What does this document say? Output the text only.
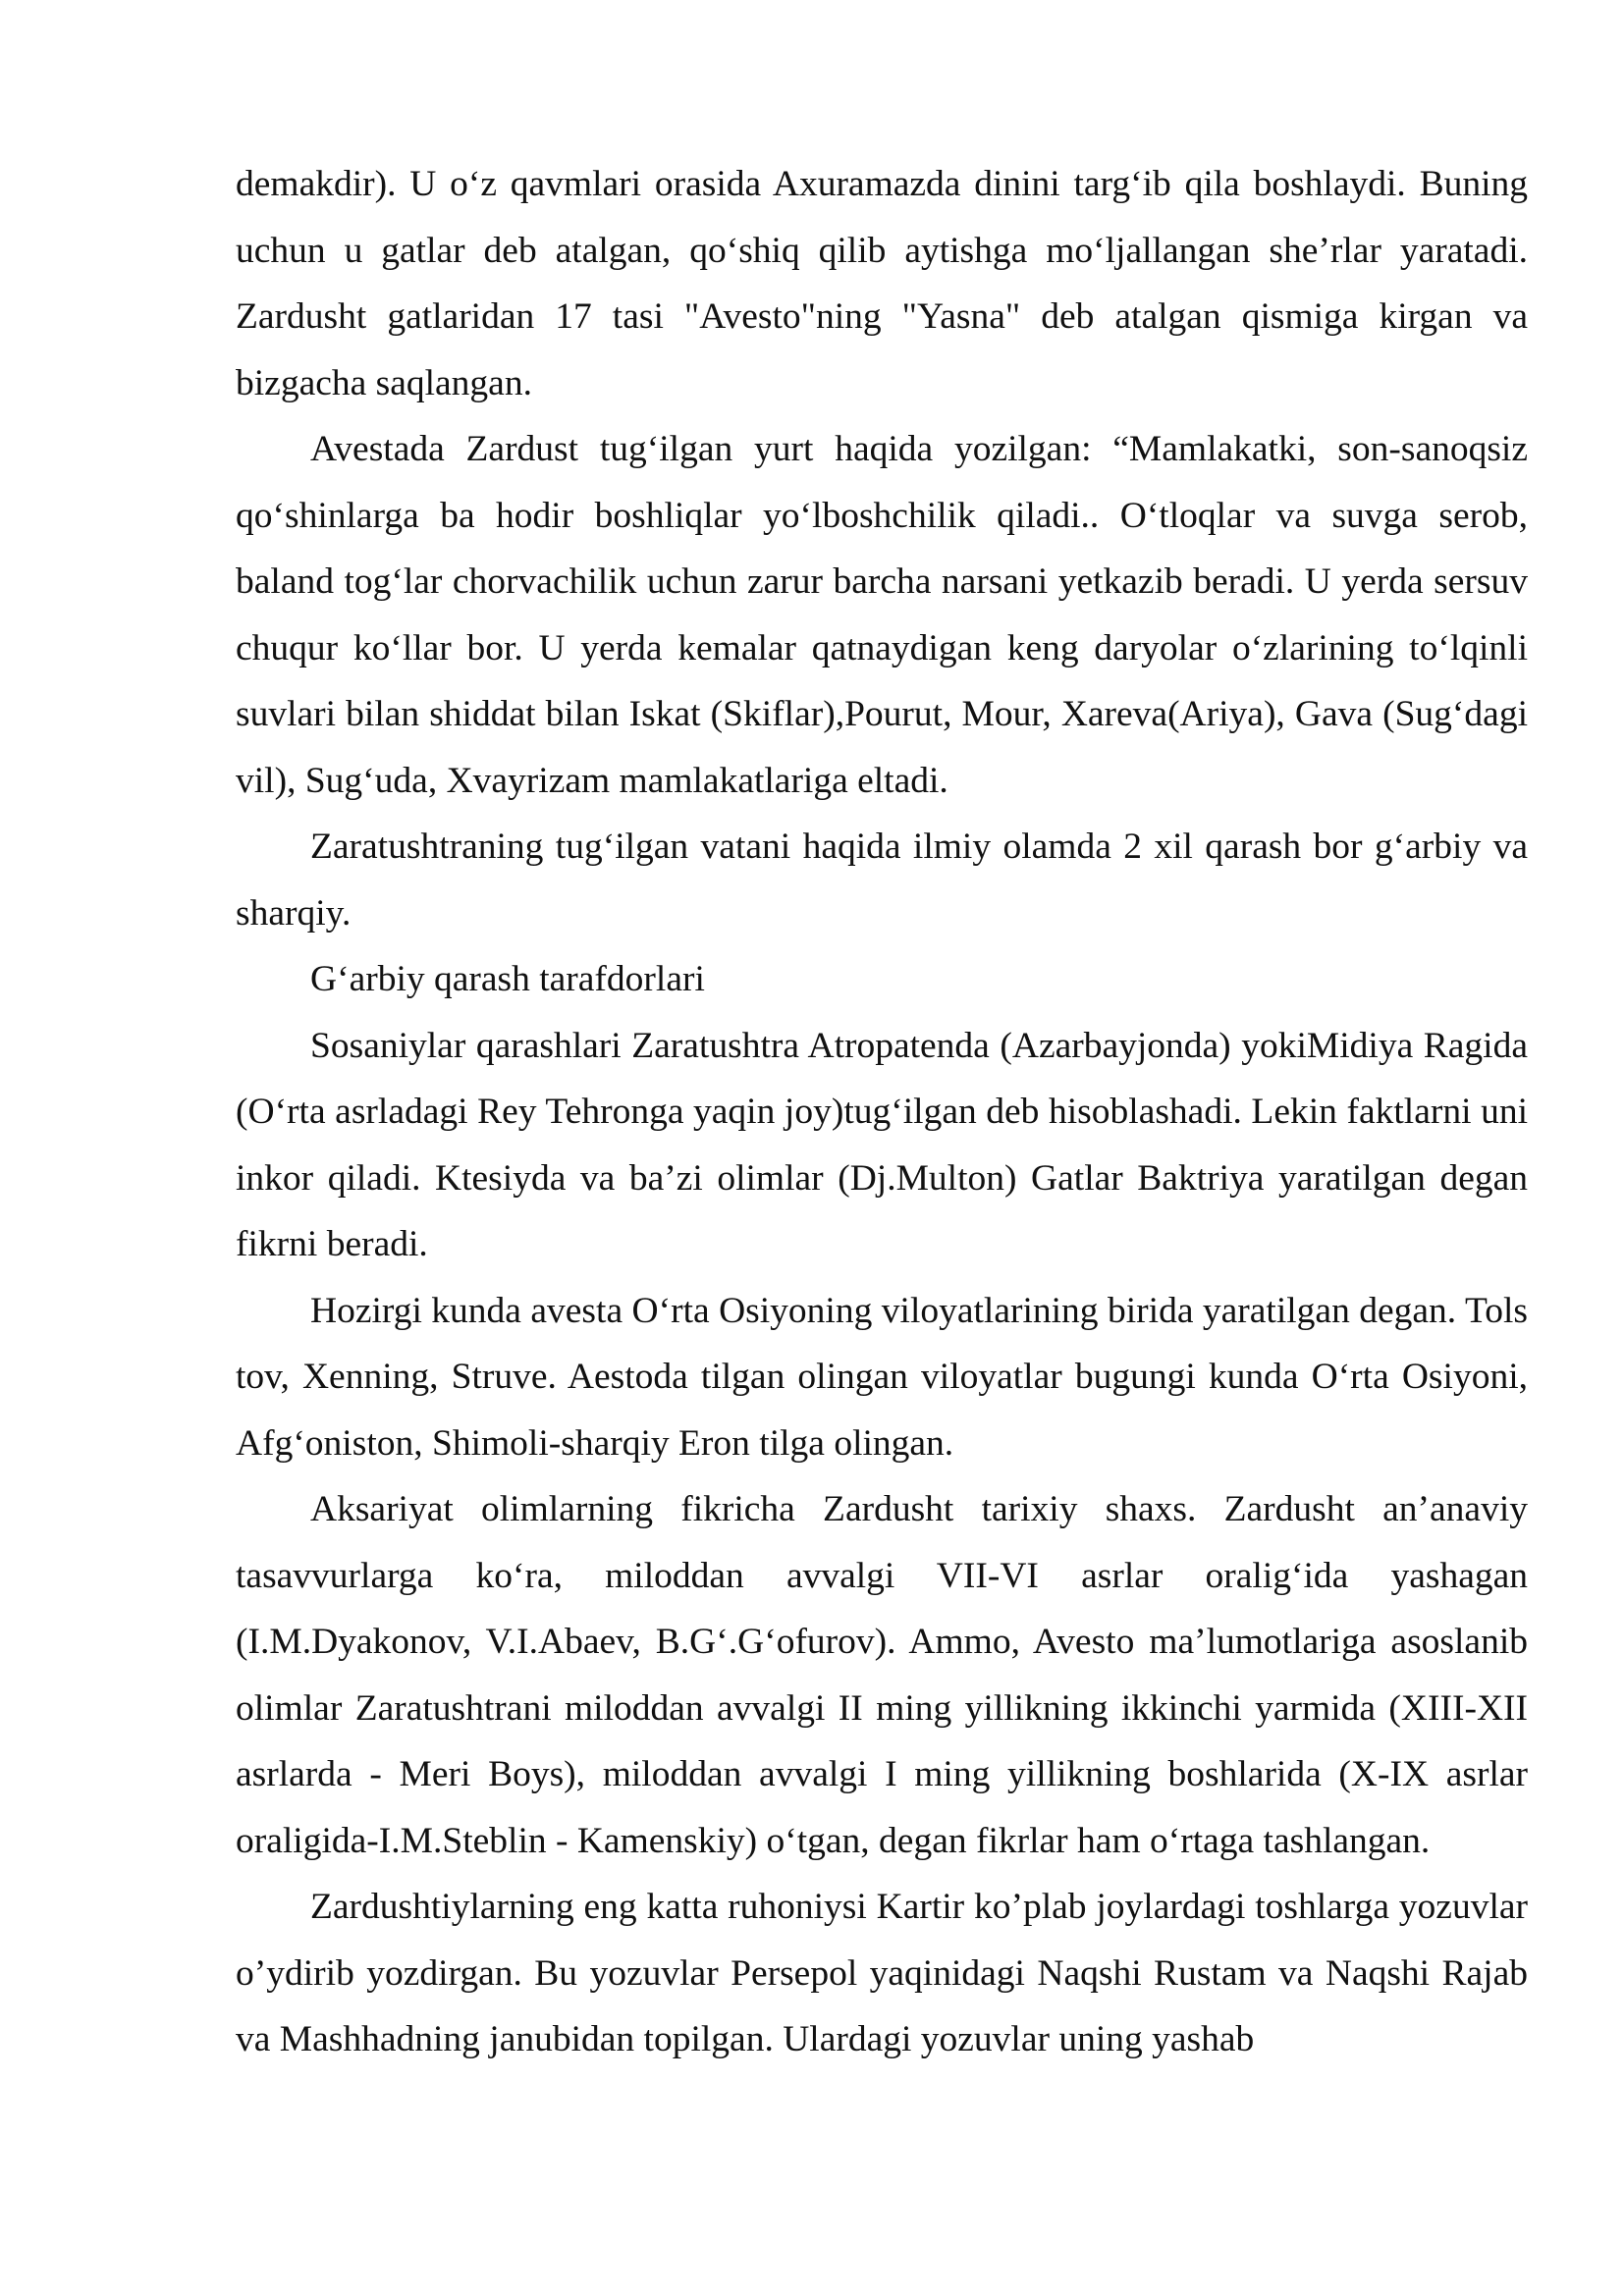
demakdir). U o‘z qavmlari orasida Axuramazda dinini targ‘ib qila boshlaydi. Buning uchun u gatlar deb atalgan, qo‘shiq qilib aytishga mo‘ljallangan she’rlar yaratadi. Zardusht gatlaridan 17 tasi "Avesto"ning "Yasna" deb atalgan qismiga kirgan va bizgacha saqlangan.

Avestada Zardust tug‘ilgan yurt haqida yozilgan: “Mamlakatki, son-sanoqsiz qo‘shinlarga ba hodir boshliqlar yo‘lboshchilik qiladi.. O‘tloqlar va suvga serob, baland tog‘lar chorvachilik uchun zarur barcha narsani yetkazib beradi. U yerda sersuv chuqur ko‘llar bor. U yerda kemalar qatnaydigan keng daryolar o‘zlarining to‘lqinli suvlari bilan shiddat bilan Iskat (Skiflar),Pourut, Mour, Xareva(Ariya), Gava (Sug‘dagi vil), Sug‘uda, Xvayrizam mamlakatlariga eltadi.

Zaratushtraning tug‘ilgan vatani haqida ilmiy olamda 2 xil qarash bor g‘arbiy va sharqiy.

G‘arbiy qarash tarafdorlari

Sosaniylar qarashlari Zaratushtra Atropatenda (Azarbayjonda) yokiMidiya Ragida (O‘rta asrladagi Rey Tehronga yaqin joy)tug‘ilgan deb hisoblashadi. Lekin faktlarni uni inkor qiladi. Ktesiyda va ba’zi olimlar (Dj.Multon) Gatlar Baktriya yaratilgan degan fikrni beradi.

Hozirgi kunda avesta O‘rta Osiyoning viloyatlarining birida yaratilgan degan. Tols tov, Xenning, Struve. Aestoda tilgan olingan viloyatlar bugungi kunda O‘rta Osiyoni, Afg‘oniston, Shimoli-sharqiy Eron tilga olingan.

Aksariyat olimlarning fikricha Zardusht tarixiy shaxs. Zardusht an’anaviy tasavvurlarga ko‘ra, miloddan avvalgi VII-VI asrlar oralig‘ida yashagan (I.M.Dyakonov, V.I.Abaev, B.G‘.G‘ofurov). Ammo, Avesto ma’lumotlariga asoslanib olimlar Zaratushtrani miloddan avvalgi II ming yillikning ikkinchi yarmida (XIII-XII asrlarda - Meri Boys), miloddan avvalgi I ming yillikning boshlarida (X-IX asrlar oraligida-I.M.Steblin - Kamenskiy) o‘tgan, degan fikrlar ham o‘rtaga tashlangan.

Zardushtiylarning eng katta ruhoniysi Kartir ko’plab joylardagi toshlarga yozuvlar o’ydirib yozdirgan. Bu yozuvlar Persepol yaqinidagi Naqshi Rustam va Naqshi Rajab va Mashhadning janubidan topilgan. Ulardagi yozuvlar uning yashab
